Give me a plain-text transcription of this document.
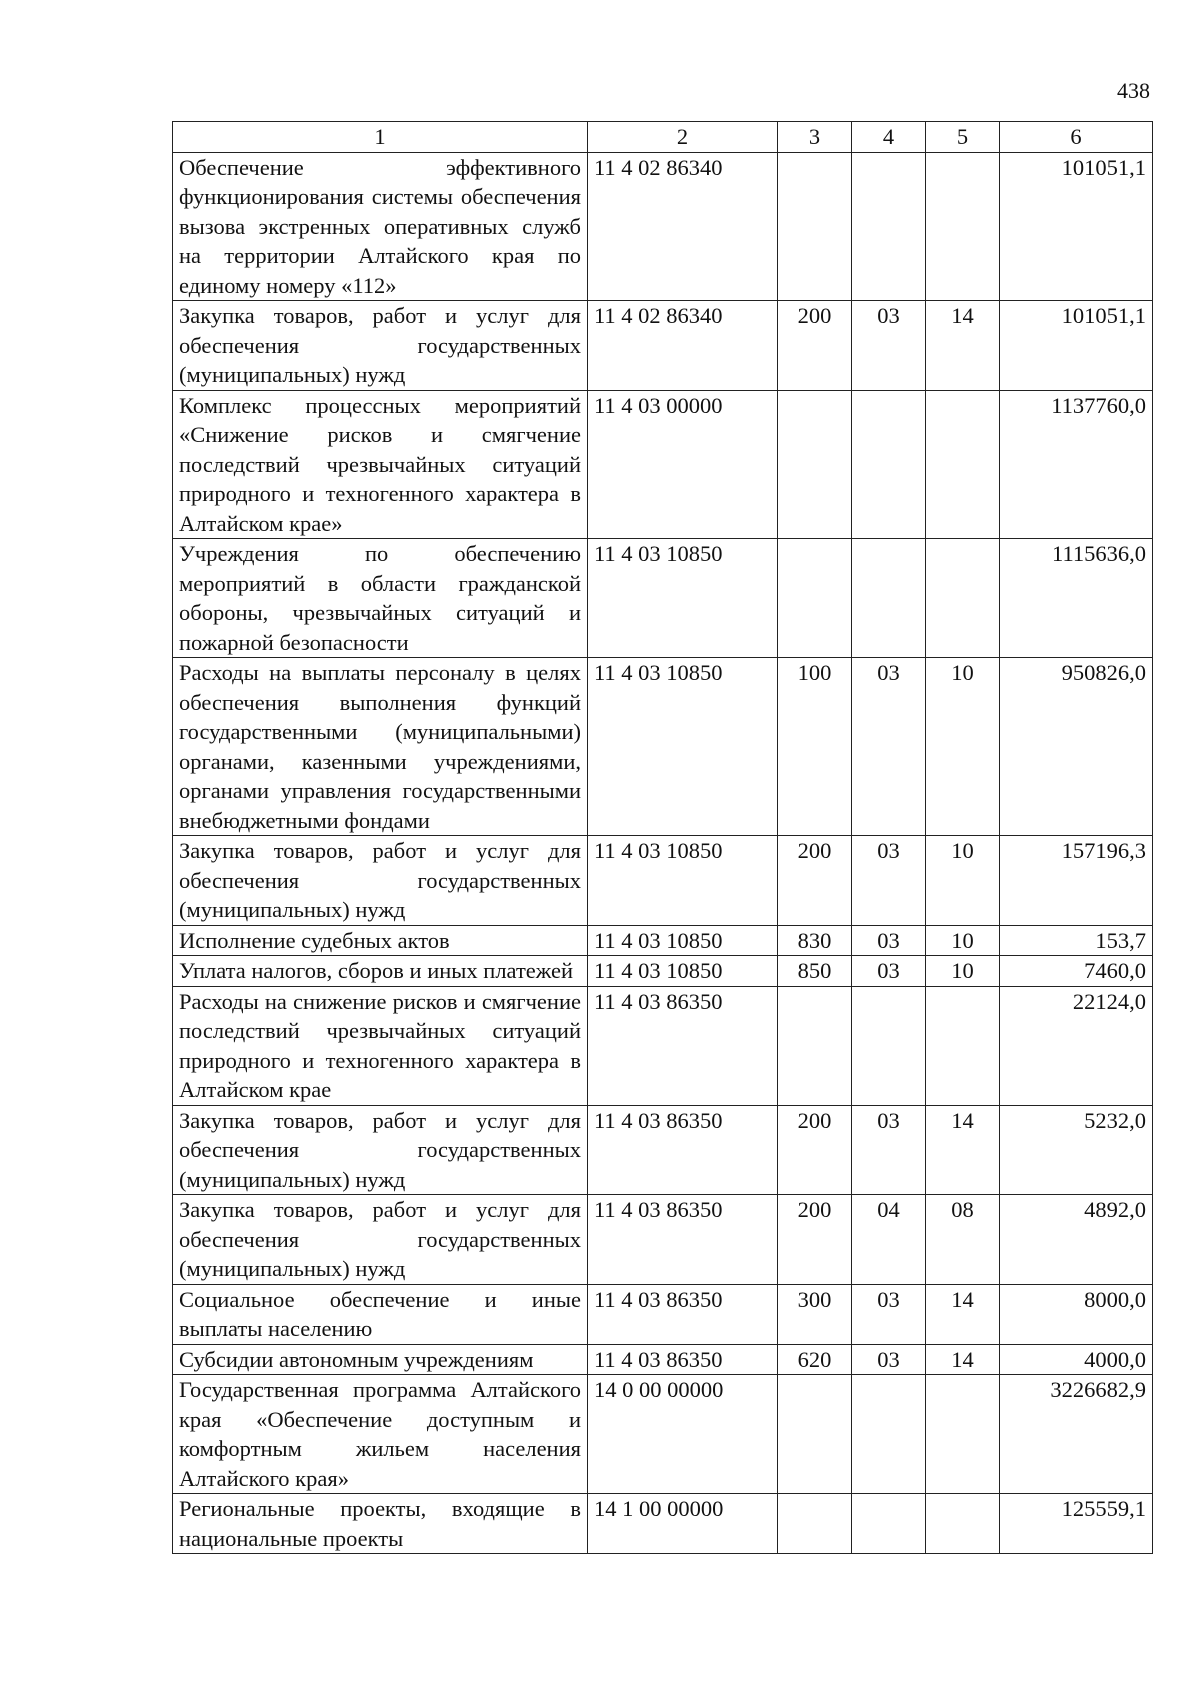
438
1	2	3	4	5	6
Обеспечение эффективного функционирования системы обеспечения вызова экстренных оперативных служб на территории Алтайского края по единому номеру «112»	11 4 02 86340				101051,1
Закупка товаров, работ и услуг для обеспечения государственных (муниципальных) нужд	11 4 02 86340	200	03	14	101051,1
Комплекс процессных мероприятий «Снижение рисков и смягчение последствий чрезвычайных ситуаций природного и техногенного характера в Алтайском крае»	11 4 03 00000				1137760,0
Учреждения по обеспечению мероприятий в области гражданской обороны, чрезвычайных ситуаций и пожарной безопасности	11 4 03 10850				1115636,0
Расходы на выплаты персоналу в целях обеспечения выполнения функций государственными (муниципальными) органами, казенными учреждениями, органами управления государственными внебюджетными фондами	11 4 03 10850	100	03	10	950826,0
Закупка товаров, работ и услуг для обеспечения государственных (муниципальных) нужд	11 4 03 10850	200	03	10	157196,3
Исполнение судебных актов	11 4 03 10850	830	03	10	153,7
Уплата налогов, сборов и иных платежей	11 4 03 10850	850	03	10	7460,0
Расходы на снижение рисков и смягчение последствий чрезвычайных ситуаций природного и техногенного характера в Алтайском крае	11 4 03 86350				22124,0
Закупка товаров, работ и услуг для обеспечения государственных (муниципальных) нужд	11 4 03 86350	200	03	14	5232,0
Закупка товаров, работ и услуг для обеспечения государственных (муниципальных) нужд	11 4 03 86350	200	04	08	4892,0
Социальное обеспечение и иные выплаты населению	11 4 03 86350	300	03	14	8000,0
Субсидии автономным учреждениям	11 4 03 86350	620	03	14	4000,0
Государственная программа Алтайского края «Обеспечение доступным и комфортным жильем населения Алтайского края»	14 0 00 00000				3226682,9
Региональные проекты, входящие в национальные проекты	14 1 00 00000				125559,1
